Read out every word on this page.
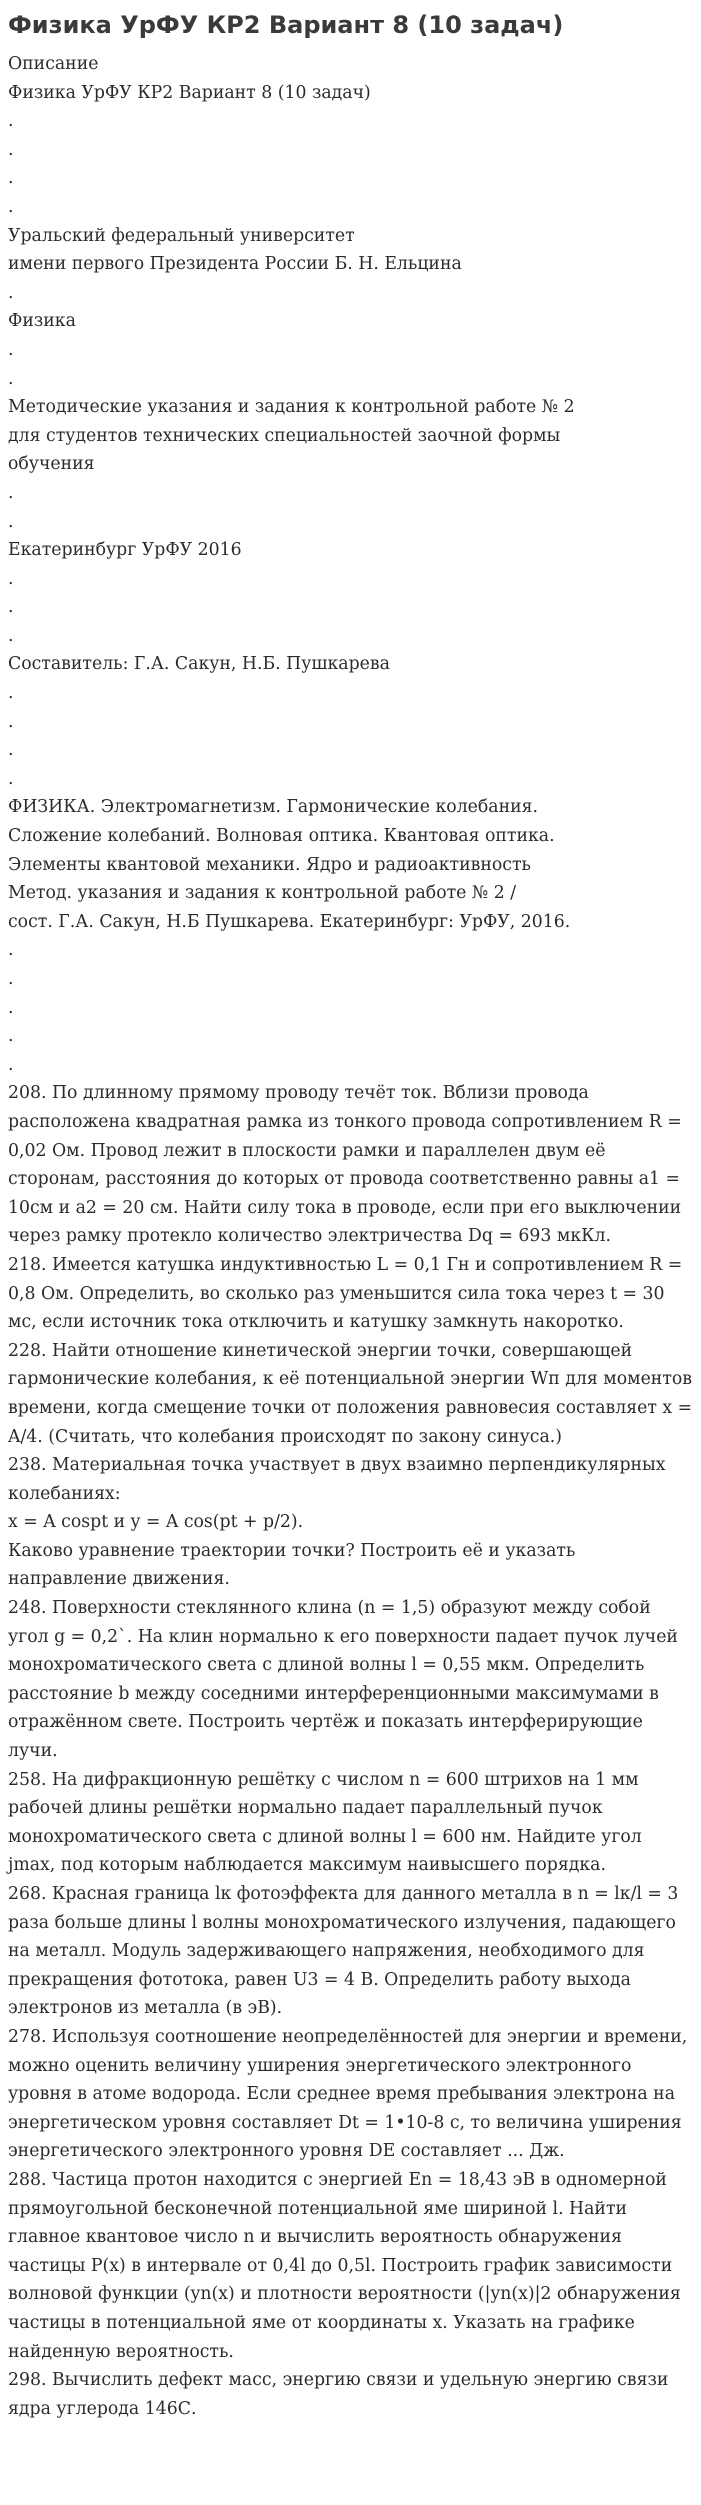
Физика УрФУ КР2 Вариант 8 (10 задач)
Описание
Физика УрФУ КР2 Вариант 8 (10 задач)
.
.
.
.
Уральский федеральный университет
имени первого Президента России Б. Н. Ельцина
.
Физика
.
.
Методические указания и задания к контрольной работе № 2
для студентов технических специальностей заочной формы
обучения
.
.
Екатеринбург УрФУ 2016
.
.
.
Составитель: Г.А. Сакун, Н.Б. Пушкарева
.
.
.
.
ФИЗИКА. Электромагнетизм. Гармонические колебания.
Сложение колебаний. Волновая оптика. Квантовая оптика.
Элементы квантовой механики. Ядро и радиоактивность
Метод. указания и задания к контрольной работе № 2 /
сост. Г.А. Сакун, Н.Б Пушкарева. Екатеринбург: УрФУ, 2016.
.
.
.
.
.
208. По длинному прямому проводу течёт ток. Вблизи провода расположена квадратная рамка из тонкого провода сопротивлением R = 0,02 Ом. Провод лежит в плоскости рамки и параллелен двум её сторонам, расстояния до которых от провода соответственно равны a1 = 10см и a2 = 20 см. Найти силу тока в проводе, если при его выключении через рамку протекло количество электричества Dq = 693 мкКл.
218. Имеется катушка индуктивностью L = 0,1 Гн и сопротивлением R = 0,8 Ом. Определить, во сколько раз уменьшится сила тока через t = 30 мс, если источник тока отключить и катушку замкнуть накоротко.
228. Найти отношение кинетической энергии точки, совершающей гармонические колебания, к её потенциальной энергии Wп для моментов времени, когда смещение точки от положения равновесия составляет x = A/4. (Считать, что колебания происходят по закону синуса.)
238. Материальная точка участвует в двух взаимно перпендикулярных колебаниях:
x = A cospt и y = A cos(pt + p/2).
Каково уравнение траектории точки? Построить её и указать направление движения.
248. Поверхности стеклянного клина (n = 1,5) образуют между собой угол g = 0,2`. На клин нормально к его поверхности падает пучок лучей монохроматического света с длиной волны l = 0,55 мкм. Определить расстояние b между соседними интерференционными максимумами в отражённом свете. Построить чертёж и показать интерферирующие лучи.
258. На дифракционную решётку с числом n = 600 штрихов на 1 мм рабочей длины решётки нормально падает параллельный пучок монохроматического света с длиной волны l = 600 нм. Найдите угол jmax, под которым наблюдается максимум наивысшего порядка.
268. Красная граница lк фотоэффекта для данного металла в n = lк/l = 3 раза больше длины l волны монохроматического излучения, падающего на металл. Модуль задерживающего напряжения, необходимого для прекращения фототока, равен U3 = 4 В. Определить работу выхода электронов из металла (в эВ).
278. Используя соотношение неопределённостей для энергии и времени, можно оценить величину уширения энергетического электронного уровня в атоме водорода. Если среднее время пребывания электрона на энергетическом уровня составляет Dt = 1•10-8 с, то величина уширения энергетического электронного уровня DE составляет ... Дж.
288. Частица протон находится с энергией En = 18,43 эВ в одномерной прямоугольной бесконечной потенциальной яме шириной l. Найти главное квантовое число n и вычислить вероятность обнаружения частицы P(x) в интервале от 0,4l до 0,5l. Построить график зависимости волновой функции (yn(x) и плотности вероятности (|yn(x)|2 обнаружения частицы в потенциальной яме от координаты x. Указать на графике найденную вероятность.
298. Вычислить дефект масс, энергию связи и удельную энергию связи ядра углерода 146С.
